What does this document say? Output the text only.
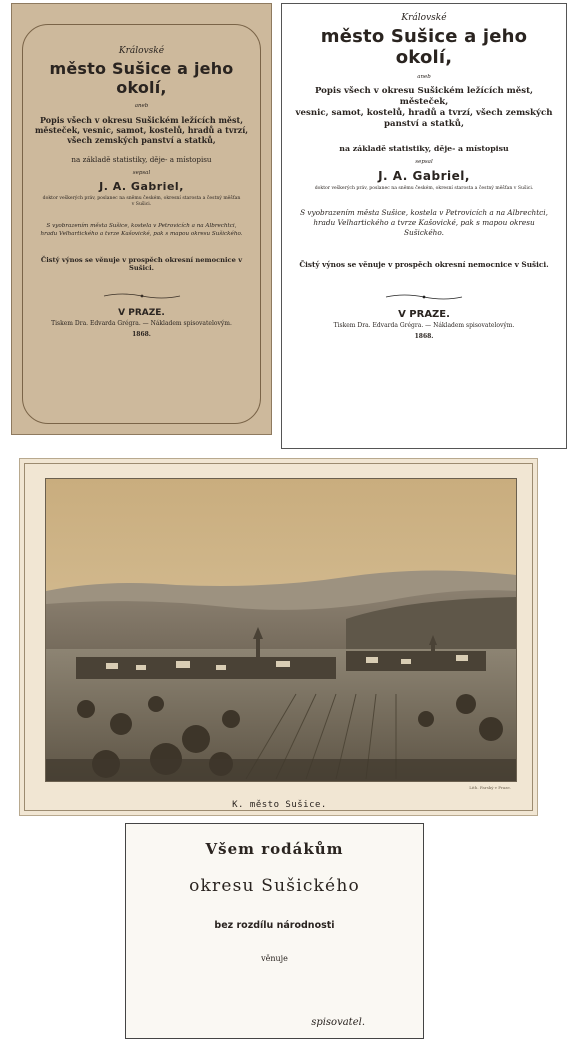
Královské
město Sušice a jeho okolí,
aneb
Popis všech v okresu Sušickém ležících měst,
městeček, vesnic, samot, kostelů, hradů a tvrzí,
všech zemských panství a statků,
na základě statistiky, děje- a místopisu
sepsal
J. A. Gabriel,
doktor veškerých práv, poslanec na sněmu českém, okresní starosta a čestný měšťan
v Sušici.
S vyobrazením města Sušice, kostela v Petrovicích a na Albrechtci,
hradu Velhartického a tvrze Kašovické, pak s mapou okresu Sušického.
Čistý výnos se věnuje v prospěch okresní nemocnice v Sušici.
V PRAZE.
Tiskem Dra. Edvarda Grégra. — Nákladem spisovatelovým.
1868.
Královské
město Sušice a jeho okolí,
aneb
Popis všech v okresu Sušickém ležících měst, městeček,
vesnic, samot, kostelů, hradů a tvrzí, všech zemských
panství a statků,
na základě statistiky, děje- a místopisu
sepsal
J. A. Gabriel,
doktor veškerých práv, poslanec na sněmu českém, okresní starosta a čestný měšťan v Sušici.
S vyobrazením města Sušice, kostela v Petrovicích a na Albrechtci,
hradu Velhartického a tvrze Kašovické, pak s mapou okresu
Sušického.
Čistý výnos se věnuje v prospěch okresní nemocnice v Sušici.
V PRAZE.
Tiskem Dra. Edvarda Grégra. — Nákladem spisovatelovým.
1868.
Lith. Farský v Praze.
K. město Sušice.
Všem rodákům
okresu Sušického
bez rozdílu národnosti
věnuje
spisovatel.
